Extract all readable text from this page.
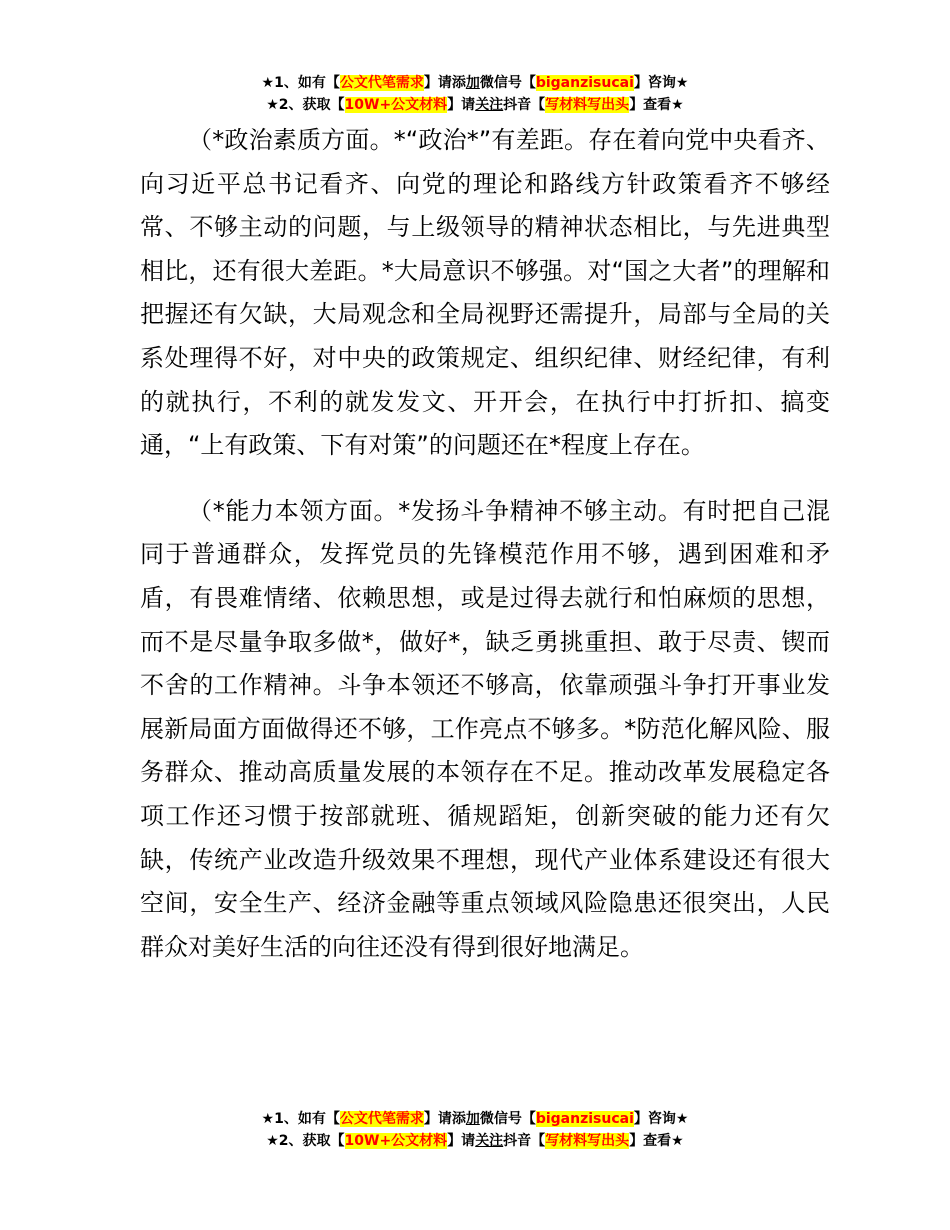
★1、如有【公文代笔需求】请添加微信号【biganzisucai】咨询★
★2、获取【10W+公文材料】请关注抖音【写材料写出头】查看★

（*政治素质方面。*“政治*”有差距。存在着向党中央看齐、向习近平总书记看齐、向党的理论和路线方针政策看齐不够经常、不够主动的问题，与上级领导的精神状态相比，与先进典型相比，还有很大差距。*大局意识不够强。对“国之大者”的理解和把握还有欠缺，大局观念和全局视野还需提升，局部与全局的关系处理得不好，对中央的政策规定、组织纪律、财经纪律，有利的就执行，不利的就发发文、开开会，在执行中打折扣、搞变通，“上有政策、下有对策”的问题还在*程度上存在。

（*能力本领方面。*发扬斗争精神不够主动。有时把自己混同于普通群众，发挥党员的先锋模范作用不够，遇到困难和矛盾，有畏难情绪、依赖思想，或是过得去就行和怕麻烦的思想，而不是尽量争取多做*，做好*，缺乏勇挑重担、敢于尽责、锲而不舍的工作精神。斗争本领还不够高，依靠顽强斗争打开事业发展新局面方面做得还不够，工作亮点不够多。*防范化解风险、服务群众、推动高质量发展的本领存在不足。推动改革发展稳定各项工作还习惯于按部就班、循规蹈矩，创新突破的能力还有欠缺，传统产业改造升级效果不理想，现代产业体系建设还有很大空间，安全生产、经济金融等重点领域风险隐患还很突出，人民群众对美好生活的向往还没有得到很好地满足。

★1、如有【公文代笔需求】请添加微信号【biganzisucai】咨询★
★2、获取【10W+公文材料】请关注抖音【写材料写出头】查看★
